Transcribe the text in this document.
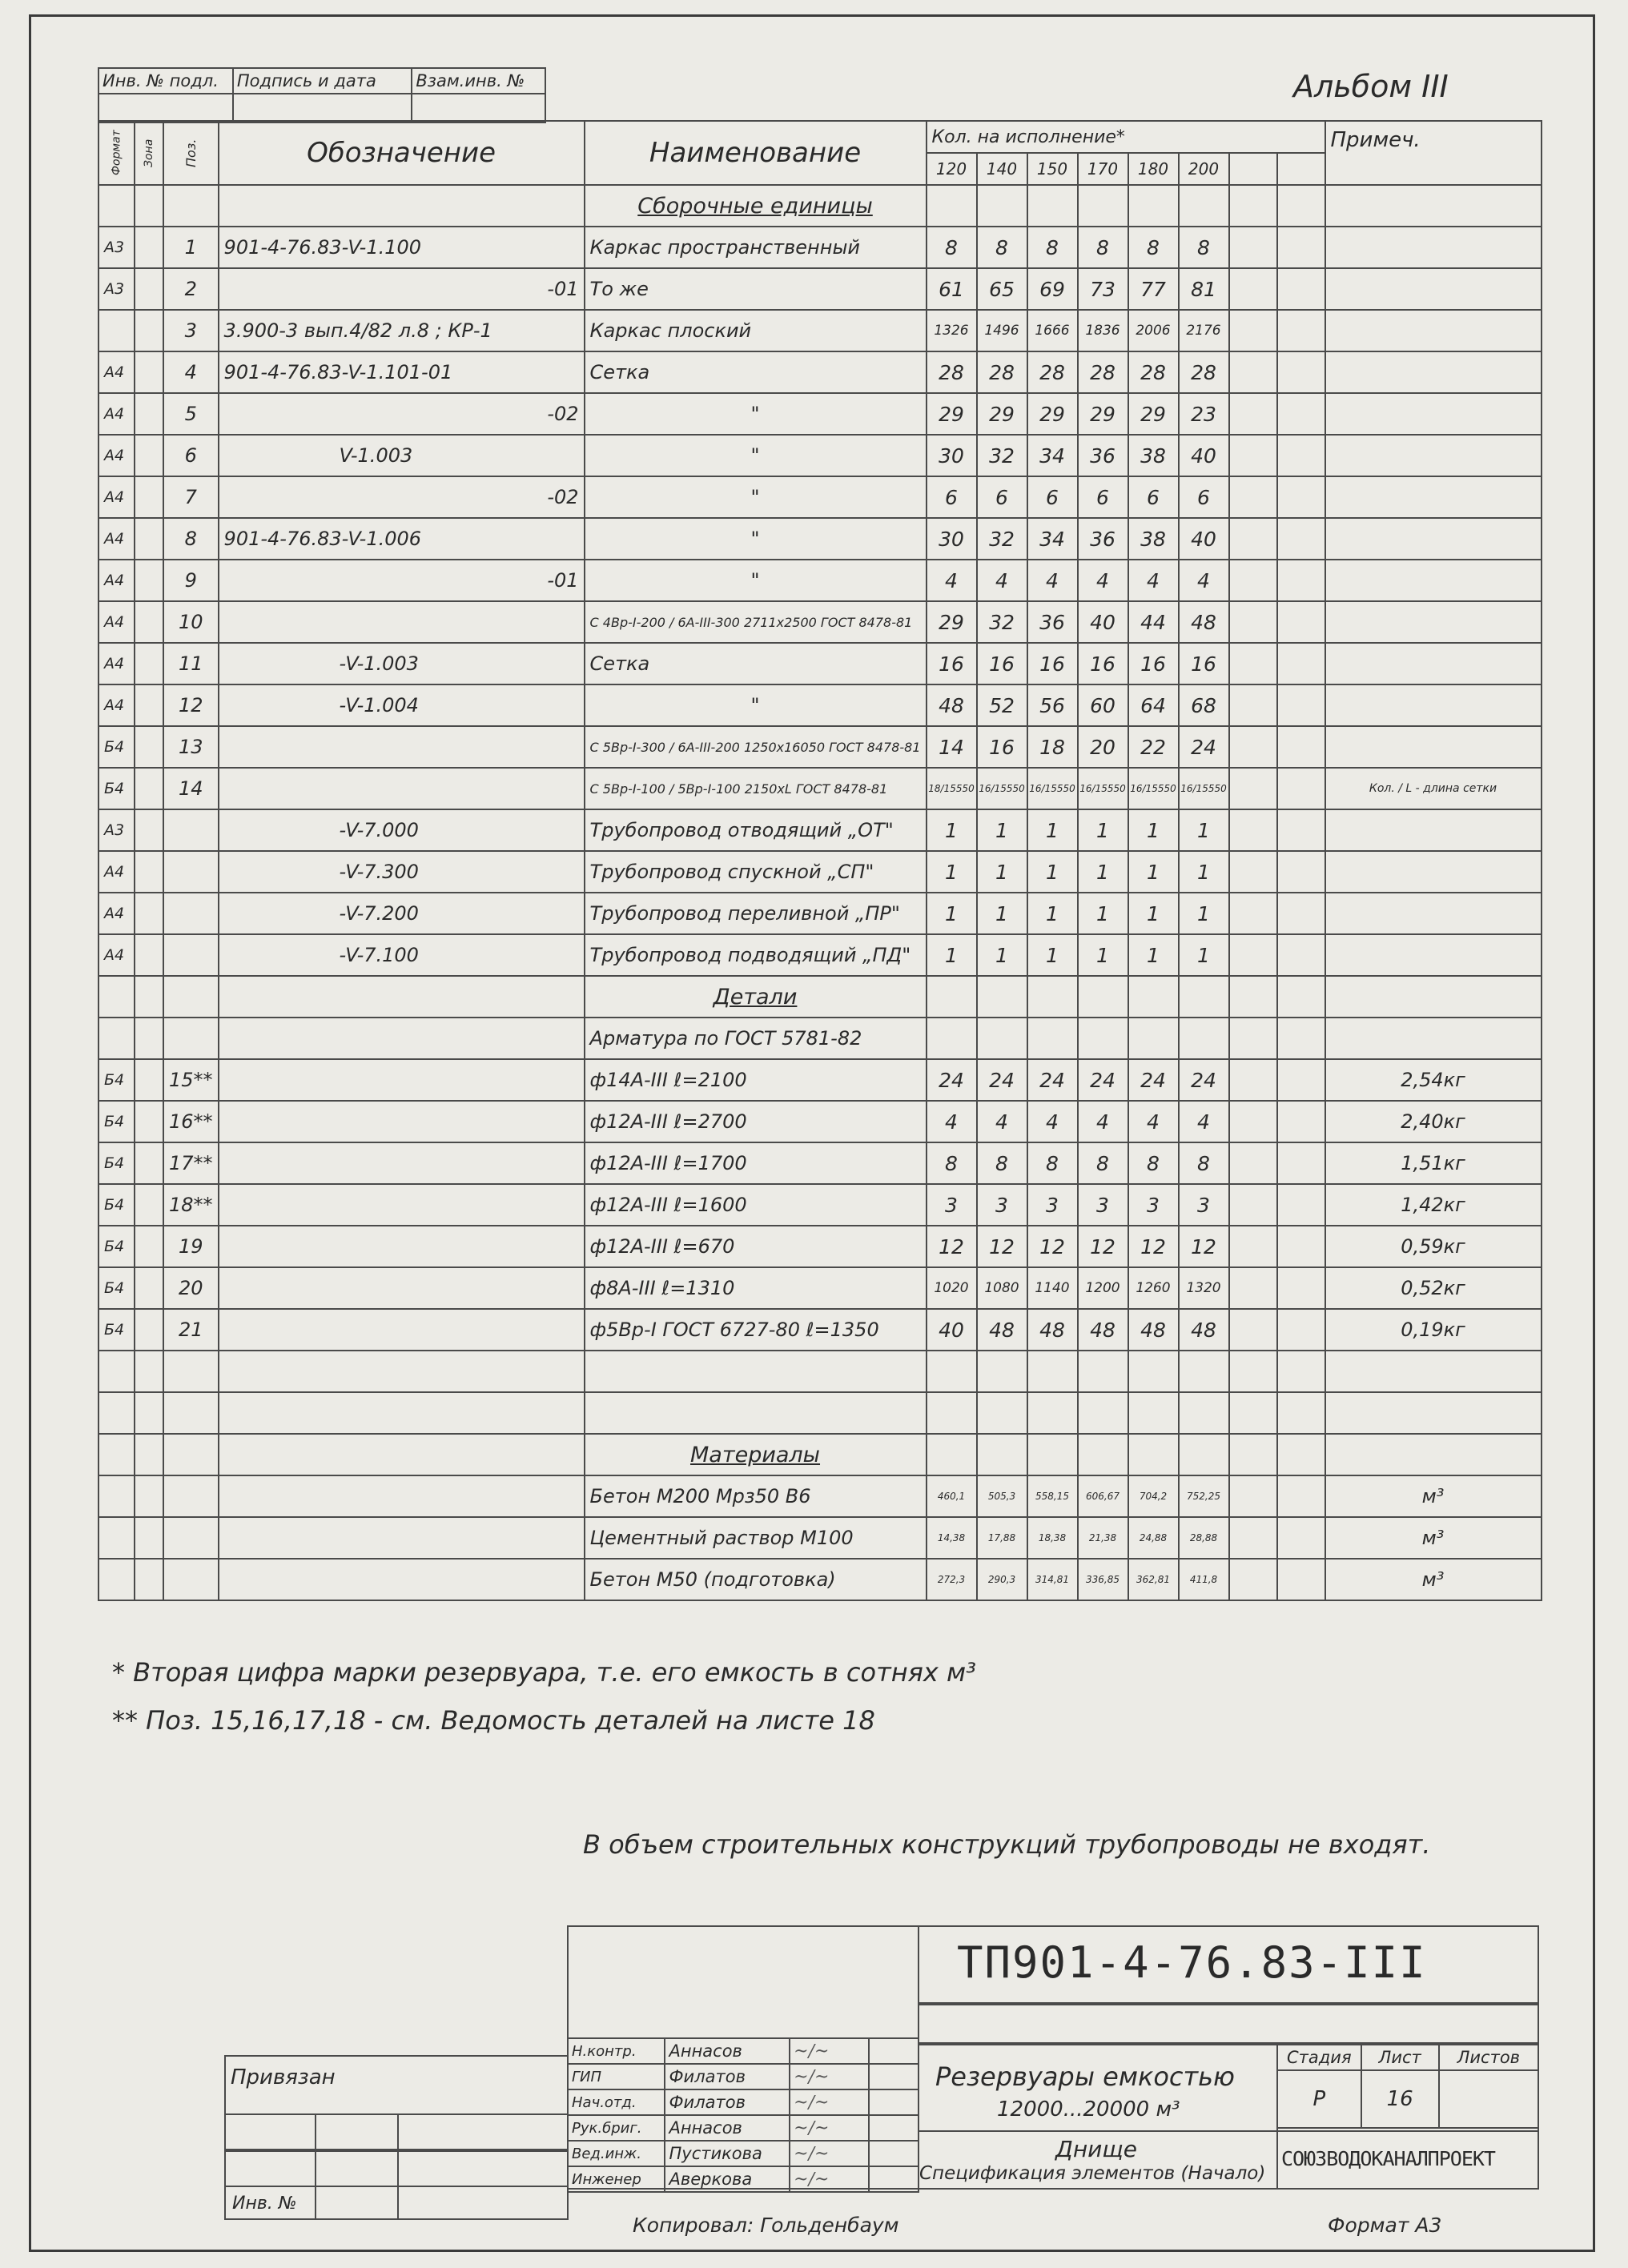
Инв. № подл.	Подпись и дата	Взам.инв. №
			Альбом III
Формат	Зона	Поз.	Обозначение	Наименование	Кол. на исполнение*								Примеч.
					120	140	150	170	180	200			
				Сборочные единицы									
А3		1	901-4-76.83-V-1.100	Каркас пространственный	8	8	8	8	8	8			
А3		2	-01	То же	61	65	69	73	77	81			
		3	3.900-3 вып.4/82 л.8 ; КР-1	Каркас плоский	1326	1496	1666	1836	2006	2176			
А4		4	901-4-76.83-V-1.101-01	Сетка	28	28	28	28	28	28			
А4		5	-02	"	29	29	29	29	29	23			
А4		6	V-1.003	"	30	32	34	36	38	40			
А4		7	-02	"	6	6	6	6	6	6			
А4		8	901-4-76.83-V-1.006	"	30	32	34	36	38	40			
А4		9	-01	"	4	4	4	4	4	4			
А4		10		С 4Вр-I-200 / 6А-III-300 2711х2500 ГОСТ 8478-81	29	32	36	40	44	48			
А4		11	-V-1.003	Сетка	16	16	16	16	16	16			
А4		12	-V-1.004	"	48	52	56	60	64	68			
Б4		13		С 5Вр-I-300 / 6А-III-200 1250х16050 ГОСТ 8478-81	14	16	18	20	22	24			
Б4		14		С 5Вр-I-100 / 5Вр-I-100 2150хL ГОСТ 8478-81	18/15550	16/15550	16/15550	16/15550	16/15550	16/15550			Кол. / L - длина сетки
А3			-V-7.000	Трубопровод отводящий „ОТ"	1	1	1	1	1	1			
А4			-V-7.300	Трубопровод спускной „СП"	1	1	1	1	1	1			
А4			-V-7.200	Трубопровод переливной „ПР"	1	1	1	1	1	1			
А4			-V-7.100	Трубопровод подводящий „ПД"	1	1	1	1	1	1			
				Детали									
				Арматура по ГОСТ 5781-82									
Б4		15**		ф14А-III ℓ=2100	24	24	24	24	24	24			2,54кг
Б4		16**		ф12А-III ℓ=2700	4	4	4	4	4	4			2,40кг
Б4		17**		ф12А-III ℓ=1700	8	8	8	8	8	8			1,51кг
Б4		18**		ф12А-III ℓ=1600	3	3	3	3	3	3			1,42кг
Б4		19		ф12А-III ℓ=670	12	12	12	12	12	12			0,59кг
Б4		20		ф8А-III ℓ=1310	1020	1080	1140	1200	1260	1320			0,52кг
Б4		21		ф5Вр-I ГОСТ 6727-80 ℓ=1350	40	48	48	48	48	48			0,19кг

				Материалы									
				Бетон М200 Мрз50 В6	460,1	505,3	558,15	606,67	704,2	752,25			м³
				Цементный раствор М100	14,38	17,88	18,38	21,38	24,88	28,88			м³
				Бетон М50 (подготовка)	272,3	290,3	314,81	336,85	362,81	411,8			м³
* Вторая цифра марки резервуара, т.е. его емкость в сотнях м³
** Поз. 15,16,17,18 - см. Ведомость деталей на листе 18
В объем строительных конструкций трубопроводы не входят.
ТП901-4-76.83-III
Резервуары емкостью
12000...20000 м³
Днище
Спецификация элементов (Начало)
Стадия	Лист	Листов
Р	16	
СОЮЗВОДОКАНАЛПРОЕКТ
Н.контр.	Аннасов	~∕~	
ГИП	Филатов	~∕~	
Нач.отд.	Филатов	~∕~	
Рук.бриг.	Аннасов	~∕~	
Вед.инж.	Пустикова	~∕~	
Инженер	Аверкова	~∕~	
Привязан
Инв. №
Копировал: Гольденбаум	Формат А3
